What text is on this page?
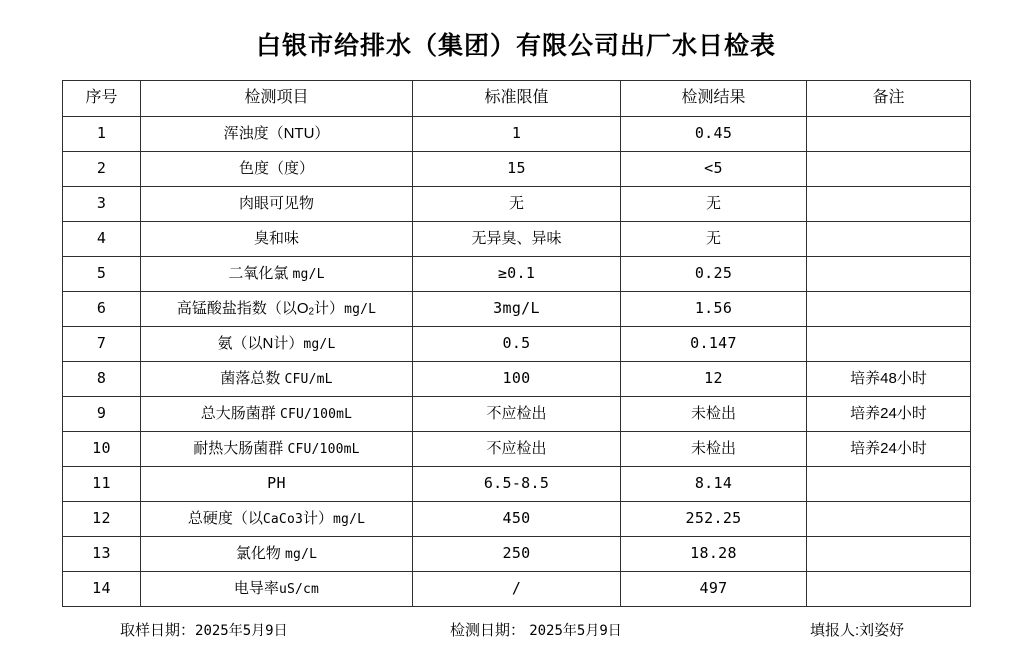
白银市给排水（集团）有限公司出厂水日检表
序号	检测项目	标准限值	检测结果	备注
1	浑浊度（NTU）	1	0.45	
2	色度（度）	15	<5	
3	肉眼可见物	无	无	
4	臭和味	无异臭、异味	无	
5	二氧化氯 mg/L	≥0.1	0.25	
6	高锰酸盐指数（以O2计）mg/L	3mg/L	1.56	
7	氨（以N计）mg/L	0.5	0.147	
8	菌落总数 CFU/mL	100	12	培养48小时
9	总大肠菌群 CFU/100mL	不应检出	未检出	培养24小时
10	耐热大肠菌群 CFU/100mL	不应检出	未检出	培养24小时
11	PH	6.5-8.5	8.14	
12	总硬度（以CaCo3计）mg/L	450	252.25	
13	氯化物 mg/L	250	18.28	
14	电导率uS/cm	/	497	
取样日期：2025年5月9日	检测日期： 2025年5月9日	填报人:刘姿妤
